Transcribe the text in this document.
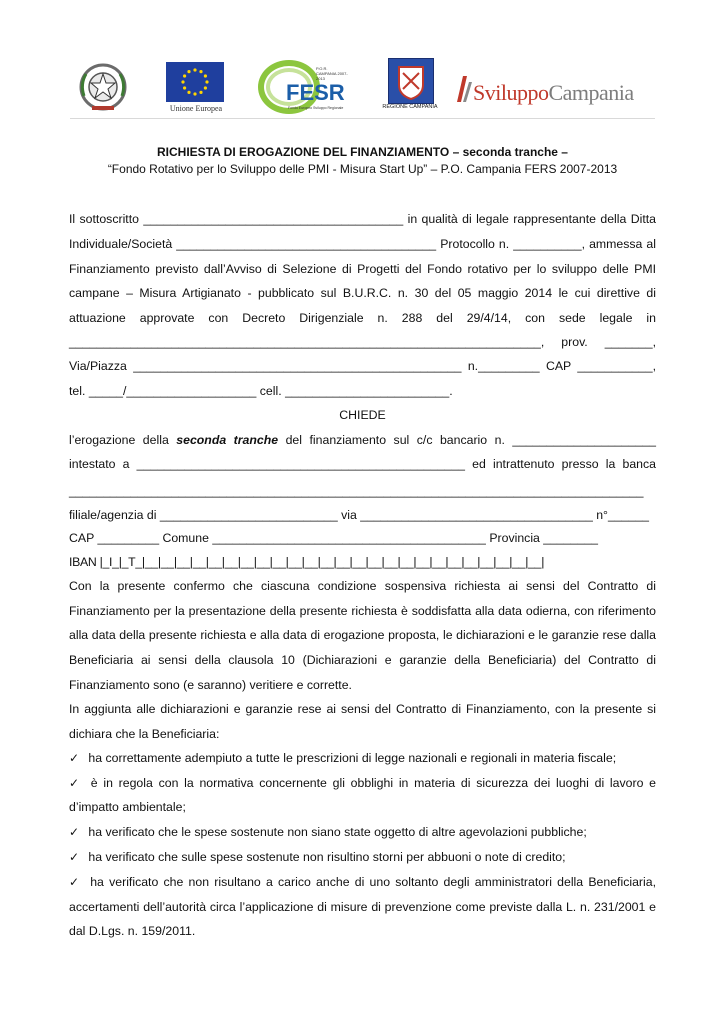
Unione Europea
P.O.R. CAMPANIA 2007-2013
FESR
Fondo Europeo Sviluppo Regionale	REGIONE CAMPANIA
SviluppoCampania
RICHIESTA DI EROGAZIONE DEL FINANZIAMENTO – seconda tranche –
“Fondo Rotativo per lo Sviluppo delle PMI - Misura Start Up” – P.O. Campania FERS 2007-2013
Il sottoscritto ______________________________________ in qualità di legale rappresentante della Ditta
Individuale/Società ______________________________________ Protocollo n. __________, ammessa al
Finanziamento previsto dall’Avviso di Selezione di Progetti del Fondo rotativo per lo sviluppo delle PMI
campane – Misura Artigianato - pubblicato sul B.U.R.C. n. 30 del 05 maggio 2014 le cui direttive di
attuazione approvate con Decreto Dirigenziale n. 288 del 29/4/14, con sede legale in
_____________________________________________________________________, prov. _______,
Via/Piazza ________________________________________________ n._________ CAP ___________,
tel. _____/___________________ cell. ________________________.
CHIEDE
l’erogazione della seconda tranche del finanziamento sul c/c bancario n. _____________________
intestato a ________________________________________________ ed intrattenuto presso la banca
____________________________________________________________________________________
filiale/agenzia di __________________________ via __________________________________ n°______
CAP _________ Comune ________________________________________ Provincia ________
IBAN |_I_|_T_|__|__|__|__|__|__|__|__|__|__|__|__|__|__|__|__|__|__|__|__|__|__|__|__|__|
Con la presente confermo che ciascuna condizione sospensiva richiesta ai sensi del Contratto di
Finanziamento per la presentazione della presente richiesta è soddisfatta alla data odierna, con riferimento
alla data della presente richiesta e alla data di erogazione proposta, le dichiarazioni e le garanzie rese dalla
Beneficiaria ai sensi della clausola 10 (Dichiarazioni e garanzie della Beneficiaria) del Contratto di
Finanziamento sono (e saranno) veritiere e corrette.
In aggiunta alle dichiarazioni e garanzie rese ai sensi del Contratto di Finanziamento, con la presente si
dichiara che la Beneficiaria:
✓ ha correttamente adempiuto a tutte le prescrizioni di legge nazionali e regionali in materia fiscale;
✓ è in regola con la normativa concernente gli obblighi in materia di sicurezza dei luoghi di lavoro e
d’impatto ambientale;
✓ ha verificato che le spese sostenute non siano state oggetto di altre agevolazioni pubbliche;
✓ ha verificato che sulle spese sostenute non risultino storni per abbuoni o note di credito;
✓ ha verificato che non risultano a carico anche di uno soltanto degli amministratori della Beneficiaria,
accertamenti dell’autorità circa l’applicazione di misure di prevenzione come previste dalla L. n. 231/2001 e
dal D.Lgs. n. 159/2011.
